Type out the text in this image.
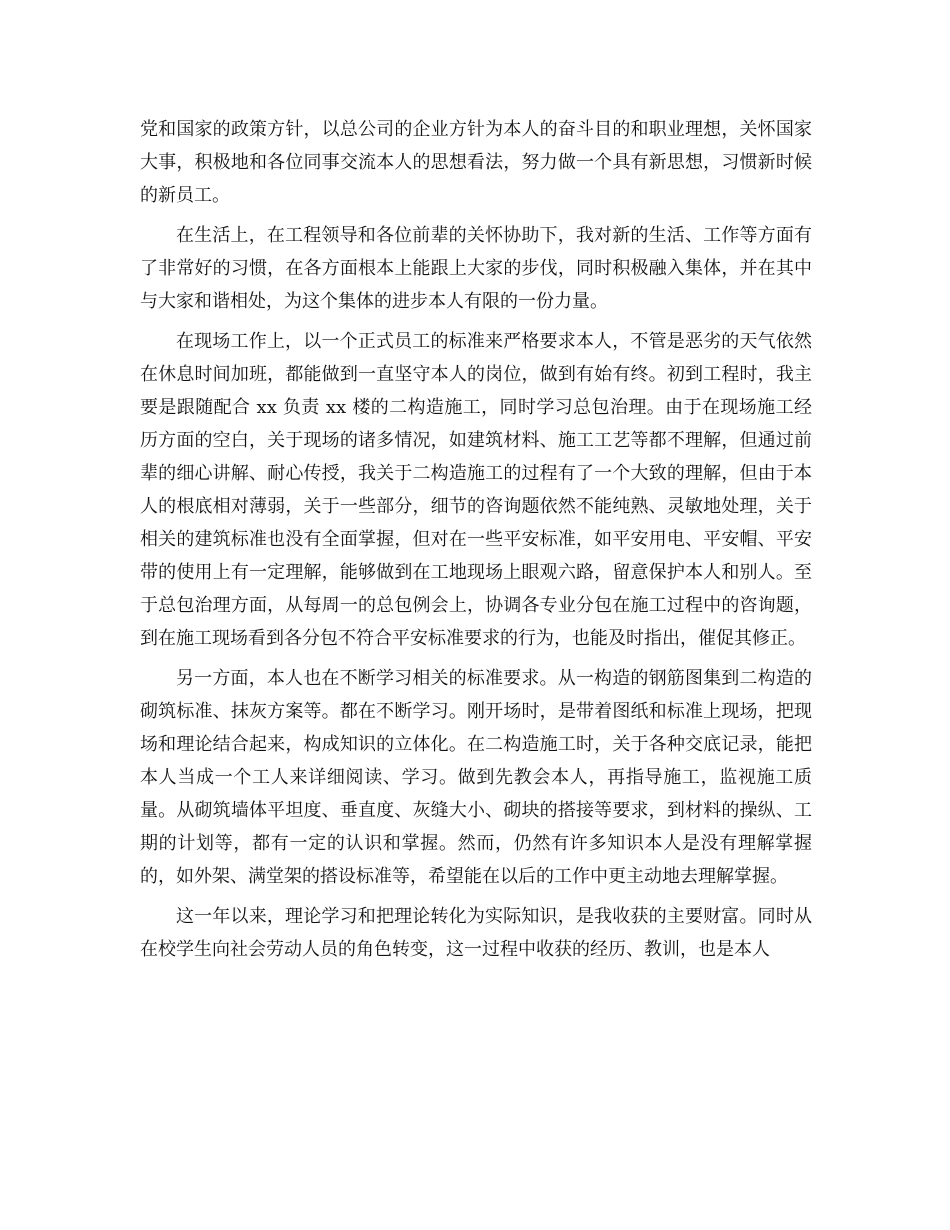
党和国家的政策方针，以总公司的企业方针为本人的奋斗目的和职业理想，关怀国家大事，积极地和各位同事交流本人的思想看法，努力做一个具有新思想，习惯新时候的新员工。

在生活上，在工程领导和各位前辈的关怀协助下，我对新的生活、工作等方面有了非常好的习惯，在各方面根本上能跟上大家的步伐，同时积极融入集体，并在其中与大家和谐相处，为这个集体的进步本人有限的一份力量。

在现场工作上，以一个正式员工的标准来严格要求本人，不管是恶劣的天气依然在休息时间加班，都能做到一直坚守本人的岗位，做到有始有终。初到工程时，我主要是跟随配合 xx 负责 xx 楼的二构造施工，同时学习总包治理。由于在现场施工经历方面的空白，关于现场的诸多情况，如建筑材料、施工工艺等都不理解，但通过前辈的细心讲解、耐心传授，我关于二构造施工的过程有了一个大致的理解，但由于本人的根底相对薄弱，关于一些部分，细节的咨询题依然不能纯熟、灵敏地处理，关于相关的建筑标准也没有全面掌握，但对在一些平安标准，如平安用电、平安帽、平安带的使用上有一定理解，能够做到在工地现场上眼观六路，留意保护本人和别人。至于总包治理方面，从每周一的总包例会上，协调各专业分包在施工过程中的咨询题，到在施工现场看到各分包不符合平安标准要求的行为，也能及时指出，催促其修正。

另一方面，本人也在不断学习相关的标准要求。从一构造的钢筋图集到二构造的砌筑标准、抹灰方案等。都在不断学习。刚开场时，是带着图纸和标准上现场，把现场和理论结合起来，构成知识的立体化。在二构造施工时，关于各种交底记录，能把本人当成一个工人来详细阅读、学习。做到先教会本人，再指导施工，监视施工质量。从砌筑墙体平坦度、垂直度、灰缝大小、砌块的搭接等要求，到材料的操纵、工期的计划等，都有一定的认识和掌握。然而，仍然有许多知识本人是没有理解掌握的，如外架、满堂架的搭设标准等，希望能在以后的工作中更主动地去理解掌握。

这一年以来，理论学习和把理论转化为实际知识，是我收获的主要财富。同时从在校学生向社会劳动人员的角色转变，这一过程中收获的经历、教训，也是本人
